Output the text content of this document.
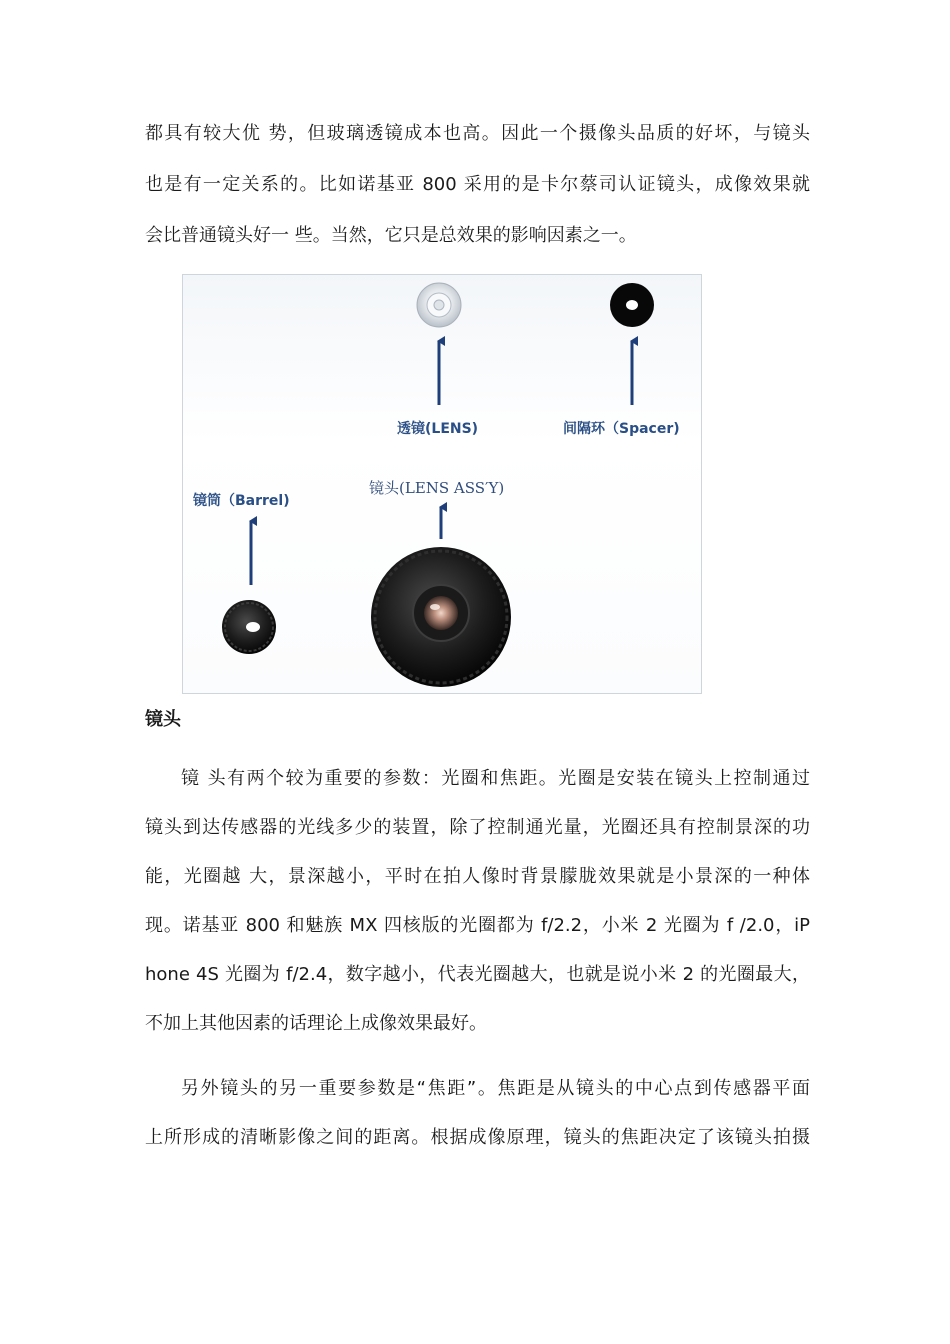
都具有较大优 势，但玻璃透镜成本也高。因此一个摄像头品质的好坏，与镜头
也是有一定关系的。比如诺基亚 800 采用的是卡尔蔡司认证镜头，成像效果就
会比普通镜头好一 些。当然，它只是总效果的影响因素之一。
透镜(LENS)	间隔环（Spacer)
镜筒（Barrel)
镜头(LENS ASS′Y)
镜头
镜 头有两个较为重要的参数：光圈和焦距。光圈是安装在镜头上控制通过
镜头到达传感器的光线多少的装置，除了控制通光量，光圈还具有控制景深的功
能，光圈越 大，景深越小，平时在拍人像时背景朦胧效果就是小景深的一种体
现。诺基亚 800 和魅族 MX 四核版的光圈都为 f/2.2，小米 2 光圈为 f /2.0，iP
hone 4S 光圈为 f/2.4，数字越小，代表光圈越大，也就是说小米 2 的光圈最大，
不加上其他因素的话理论上成像效果最好。
另外镜头的另一重要参数是“焦距”。焦距是从镜头的中心点到传感器平面
上所形成的清晰影像之间的距离。根据成像原理，镜头的焦距决定了该镜头拍摄
